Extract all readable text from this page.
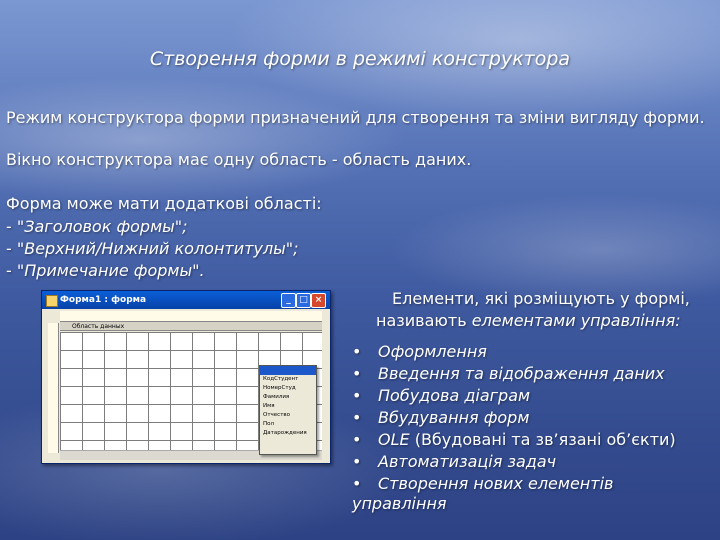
Створення форми в режимі конструктора
Режим конструктора форми призначений для створення та зміни вигляду форми.
Вікно конструктора має одну область - область даних.
Форма може мати додаткові області:
- "Заголовок формы";
- "Верхний/Нижний колонтитулы";
- "Примечание формы".
Форма1 : форма	_ □ ×
Область данных
КодСтудент
НомерСтуд
Фамилия
Имя
Отчество
Пол
Датарождения
Елементи, які розміщують у формі,
називають елементами управління:
• Оформлення
• Введення та відображення даних
• Побудова діаграм
• Вбудування форм
• OLE (Вбудовані та зв’язані об’єкти)
• Автоматизація задач
• Створення нових елементів
управління
